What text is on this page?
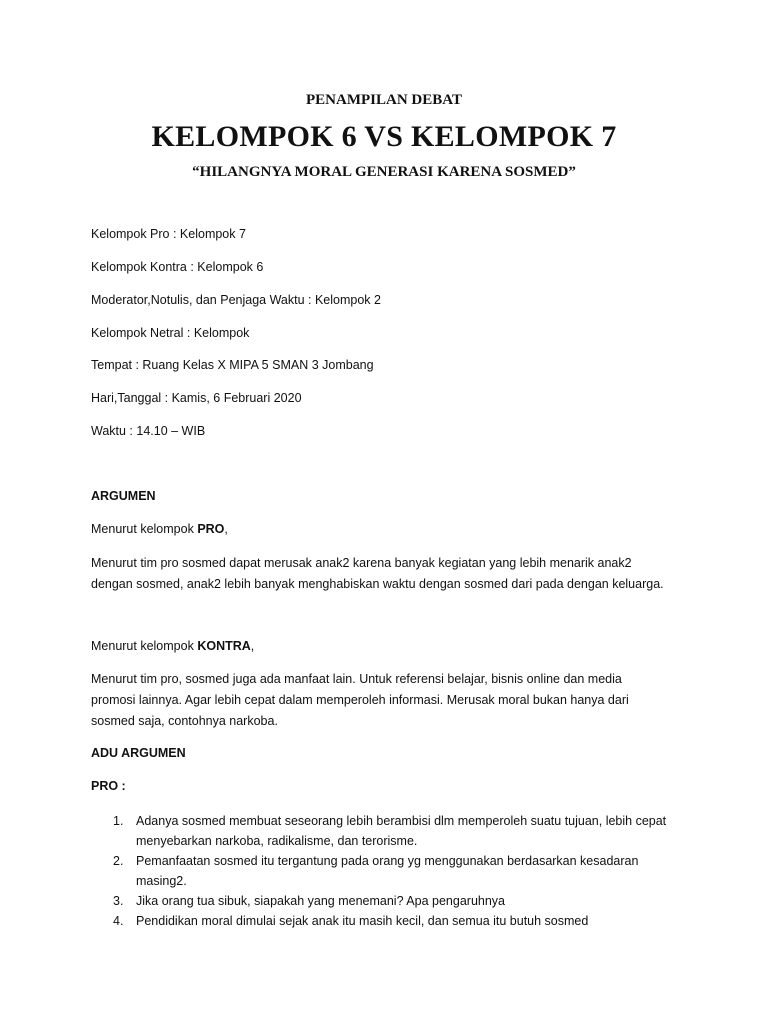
PENAMPILAN DEBAT
KELOMPOK 6 VS KELOMPOK 7
“HILANGNYA MORAL GENERASI KARENA SOSMED”
Kelompok Pro : Kelompok 7
Kelompok Kontra : Kelompok 6
Moderator,Notulis, dan Penjaga Waktu : Kelompok 2
Kelompok Netral : Kelompok
Tempat : Ruang Kelas X MIPA 5 SMAN 3 Jombang
Hari,Tanggal : Kamis, 6 Februari 2020
Waktu : 14.10 – WIB
ARGUMEN
Menurut kelompok PRO,
Menurut tim pro sosmed dapat merusak anak2 karena banyak kegiatan yang lebih menarik anak2
dengan sosmed, anak2 lebih banyak menghabiskan waktu dengan sosmed dari pada dengan keluarga.
Menurut kelompok KONTRA,
Menurut tim pro, sosmed juga ada manfaat lain. Untuk referensi belajar, bisnis online dan media
promosi lainnya. Agar lebih cepat dalam memperoleh informasi. Merusak moral bukan hanya dari
sosmed saja, contohnya narkoba.
ADU ARGUMEN
PRO :
1. Adanya sosmed membuat seseorang lebih berambisi dlm memperoleh suatu tujuan, lebih cepat
menyebarkan narkoba, radikalisme, dan terorisme.
2. Pemanfaatan sosmed itu tergantung pada orang yg menggunakan berdasarkan kesadaran
masing2.
3. Jika orang tua sibuk, siapakah yang menemani? Apa pengaruhnya
4. Pendidikan moral dimulai sejak anak itu masih kecil, dan semua itu butuh sosmed
